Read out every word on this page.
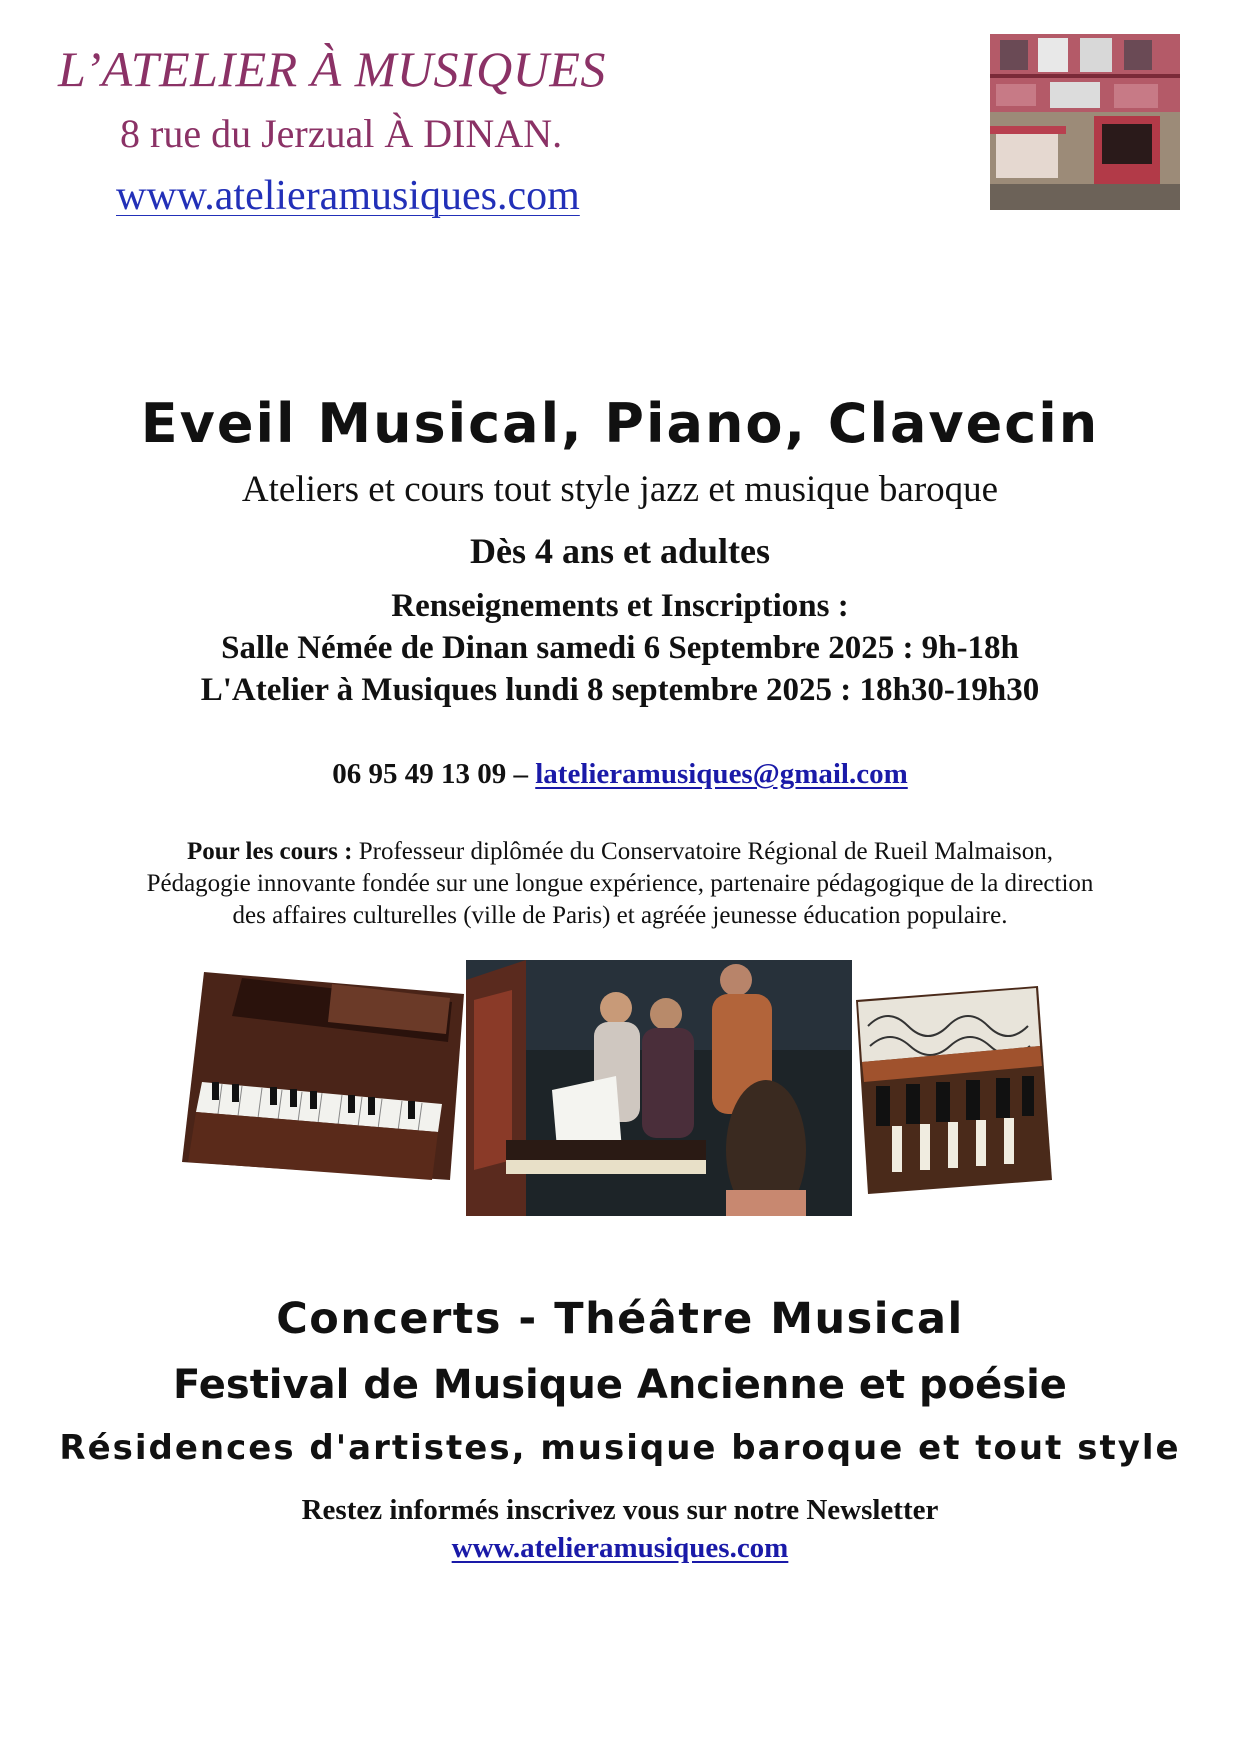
L’ATELIER À MUSIQUES
8 rue du Jerzual À DINAN.
www.atelieramusiques.com
Eveil Musical, Piano, Clavecin
Ateliers et cours tout style jazz et musique baroque
Dès 4 ans et adultes
Renseignements et Inscriptions :
Salle Némée de Dinan samedi 6 Septembre 2025 : 9h-18h
L'Atelier à Musiques lundi 8 septembre 2025 : 18h30-19h30
06 95 49 13 09 – latelieramusiques@gmail.com
Pour les cours : Professeur diplômée du Conservatoire Régional de Rueil Malmaison,
Pédagogie innovante fondée sur une longue expérience, partenaire pédagogique de la direction
des affaires culturelles (ville de Paris) et agréée jeunesse éducation populaire.
Concerts - Théâtre Musical
Festival de Musique Ancienne et poésie
Résidences d'artistes, musique baroque et tout style
Restez informés inscrivez vous sur notre Newsletter
www.atelieramusiques.com
